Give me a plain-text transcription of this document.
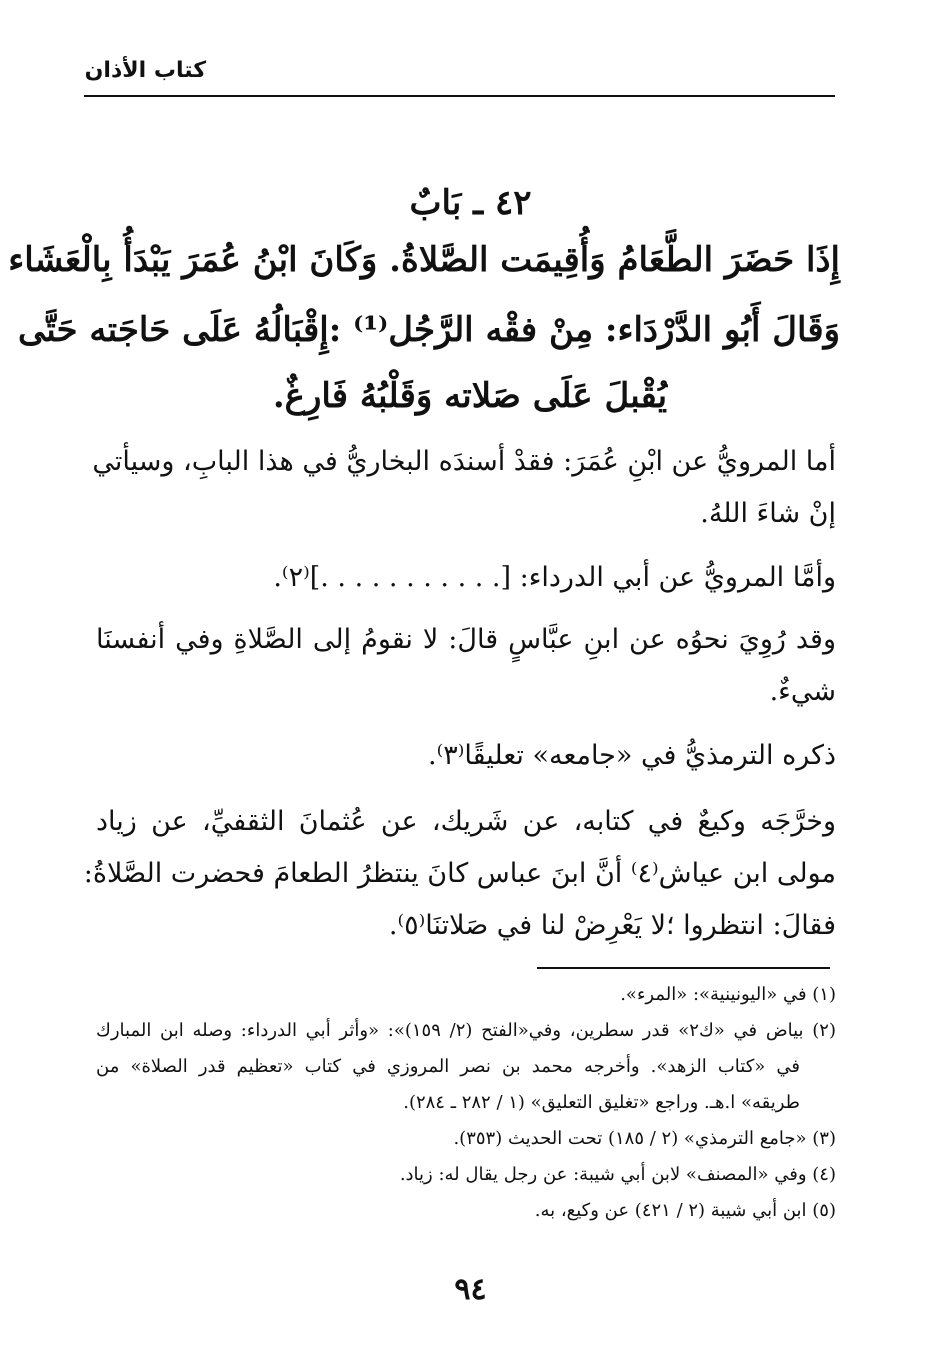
كتاب الأذان
٤٢ ـ بَابٌ
إِذَا حَضَرَ الطَّعَامُ وَأُقِيمَت الصَّلاةُ. وَكَانَ ابْنُ عُمَرَ يَبْدَأُ بِالْعَشَاء
وَقَالَ أَبُو الدَّرْدَاء: مِنْ فقْه الرَّجُل⁽¹⁾ :إِقْبَالُهُ عَلَى حَاجَته حَتَّى
يُقْبلَ عَلَى صَلاته وَقَلْبُهُ فَارِغٌ.
أما المرويُّ عن ابْنِ عُمَرَ: فقدْ أسندَه البخاريُّ في هذا البابِ، وسيأتي
إنْ شاءَ اللهُ.
وأمَّا المرويُّ عن أبي الدرداء: [. . . . . . . . . . .]⁽٢⁾.
وقد رُوِيَ نحوُه عن ابنِ عبَّاسٍ قالَ: لا نقومُ إلى الصَّلاةِ وفي أنفسنَا
شيءٌ.
ذكره الترمذيُّ في «جامعه» تعليقًا⁽٣⁾.
وخرَّجَه وكيعٌ في كتابه، عن شَريك، عن عُثمانَ الثقفيِّ، عن زياد
مولى ابن عياش⁽٤⁾ أنَّ ابنَ عباس كانَ ينتظرُ الطعامَ فحضرت الصَّلاةُ:
فقالَ: انتظروا ؛لا يَعْرِضْ لنا في صَلاتنَا⁽٥⁾.
(١) في «اليونينية»: «المرء».
(٢) بياض في «ك٢» قدر سطرين، وفي«الفتح (٢/ ١٥٩)»: «وأثر أبي الدرداء: وصله ابن المبارك
في «كتاب الزهد». وأخرجه محمد بن نصر المروزي في كتاب «تعظيم قدر الصلاة» من
طريقه» ا.هـ. وراجع «تغليق التعليق» (١ / ٢٨٢ ـ ٢٨٤).
(٣) «جامع الترمذي» (٢ / ١٨٥) تحت الحديث (٣٥٣).
(٤) وفي «المصنف» لابن أبي شيبة: عن رجل يقال له: زياد.
(٥) ابن أبي شيبة (٢ / ٤٢١) عن وكيع، به.
٩٤
